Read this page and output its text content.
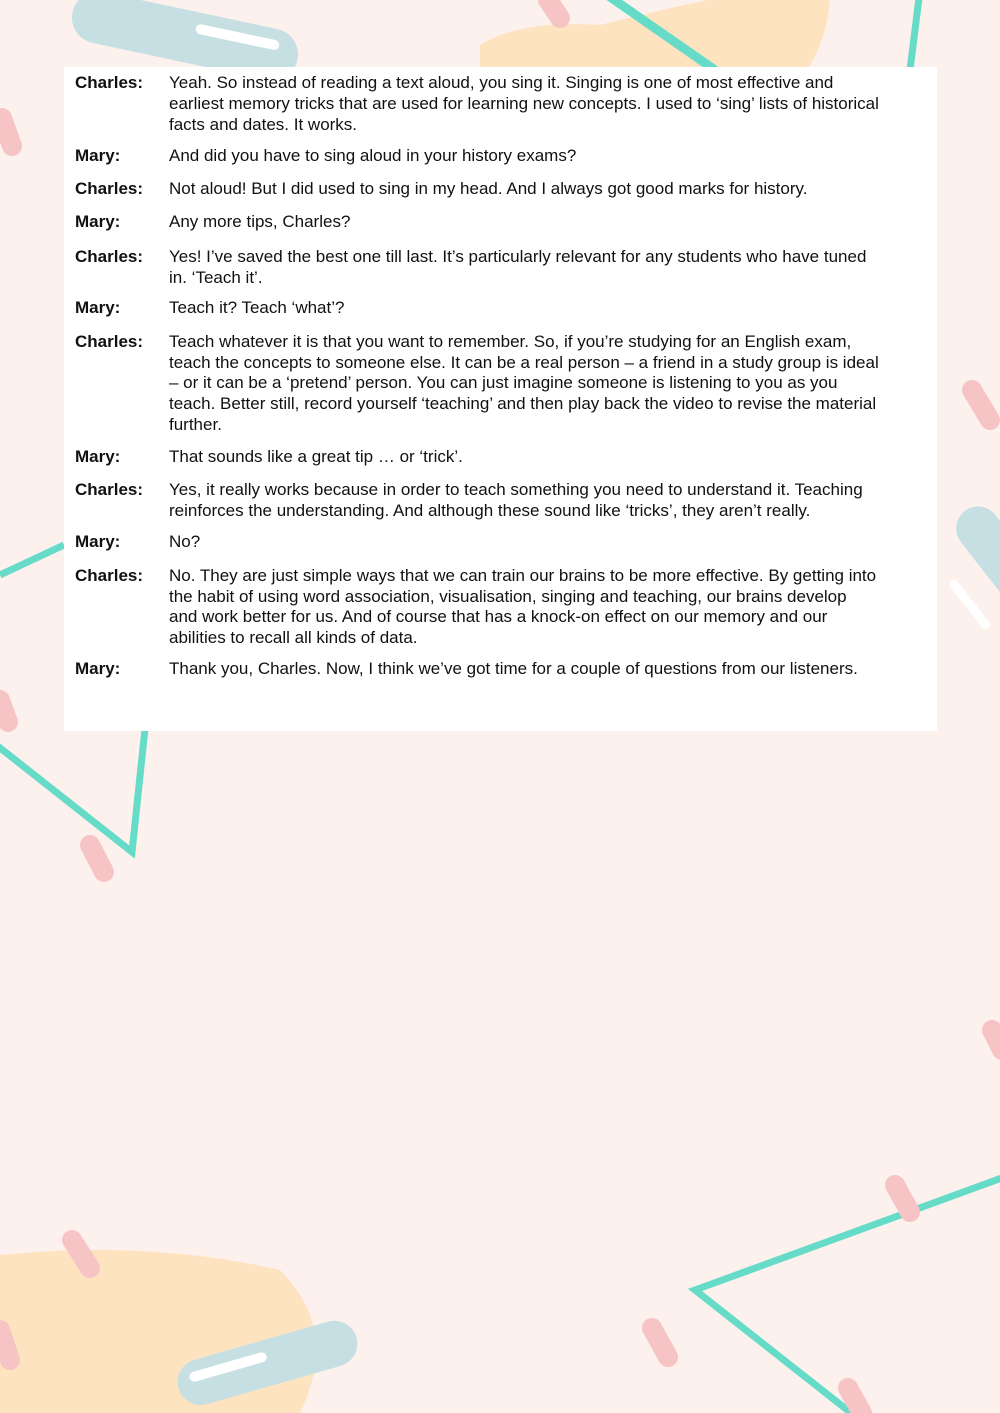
Charles:	Yeah. So instead of reading a text aloud, you sing it. Singing is one of most effective and
earliest memory tricks that are used for learning new concepts. I used to ‘sing’ lists of historical
facts and dates. It works.
Mary:	And did you have to sing aloud in your history exams?
Charles:	Not aloud! But I did used to sing in my head. And I always got good marks for history.
Mary:	Any more tips, Charles?
Charles:	Yes! I’ve saved the best one till last. It’s particularly relevant for any students who have tuned
in. ‘Teach it’.
Mary:	Teach it? Teach ‘what’?
Charles:	Teach whatever it is that you want to remember. So, if you’re studying for an English exam,
teach the concepts to someone else. It can be a real person – a friend in a study group is ideal
– or it can be a ‘pretend’ person. You can just imagine someone is listening to you as you
teach. Better still, record yourself ‘teaching’ and then play back the video to revise the material
further.
Mary:	That sounds like a great tip … or ‘trick’.
Charles:	Yes, it really works because in order to teach something you need to understand it. Teaching
reinforces the understanding. And although these sound like ‘tricks’, they aren’t really.
Mary:	No?
Charles:	No. They are just simple ways that we can train our brains to be more effective. By getting into
the habit of using word association, visualisation, singing and teaching, our brains develop
and work better for us. And of course that has a knock-on effect on our memory and our
abilities to recall all kinds of data.
Mary:	Thank you, Charles. Now, I think we’ve got time for a couple of questions from our listeners.
